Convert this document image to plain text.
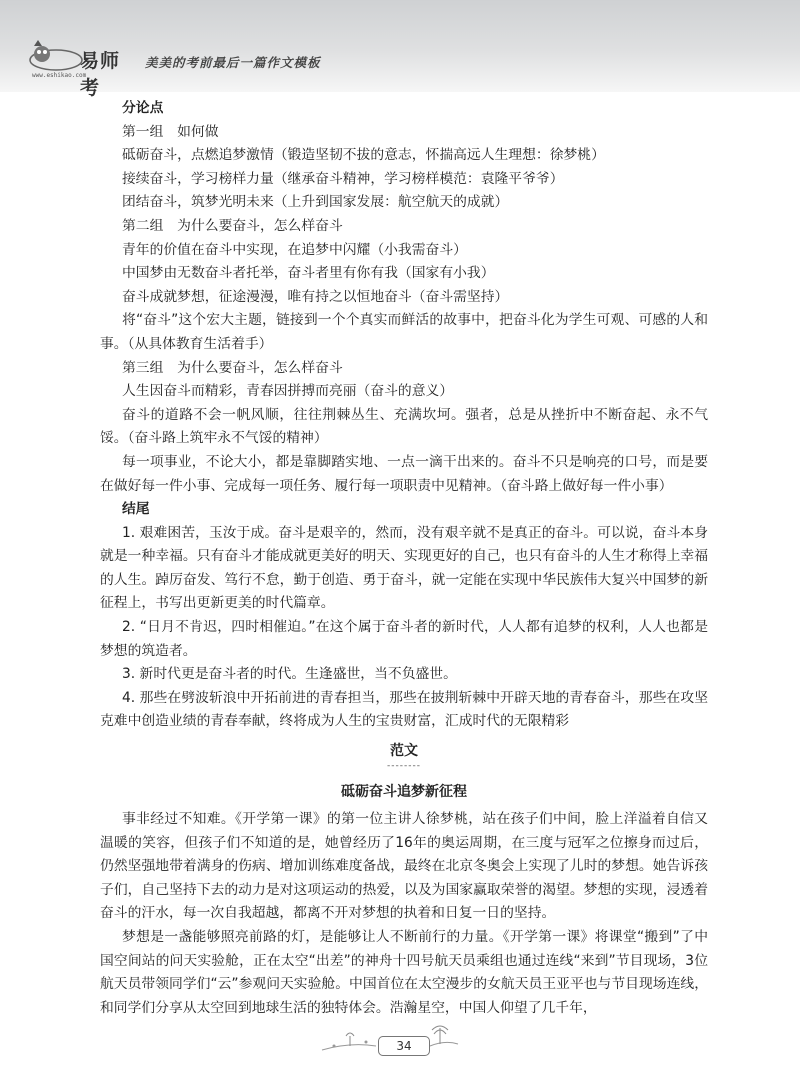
易师考
www.eshikao.com
美美的考前最后一篇作文模板
分论点
第一组　如何做
砥砺奋斗，点燃追梦激情（锻造坚韧不拔的意志，怀揣高远人生理想：徐梦桃）
接续奋斗，学习榜样力量（继承奋斗精神，学习榜样模范：袁隆平爷爷）
团结奋斗，筑梦光明未来（上升到国家发展：航空航天的成就）
第二组　为什么要奋斗，怎么样奋斗
青年的价值在奋斗中实现，在追梦中闪耀（小我需奋斗）
中国梦由无数奋斗者托举，奋斗者里有你有我（国家有小我）
奋斗成就梦想，征途漫漫，唯有持之以恒地奋斗（奋斗需坚持）
将“奋斗”这个宏大主题，链接到一个个真实而鲜活的故事中，把奋斗化为学生可观、可感的人和事。（从具体教育生活着手）
第三组　为什么要奋斗，怎么样奋斗
人生因奋斗而精彩，青春因拼搏而亮丽（奋斗的意义）
奋斗的道路不会一帆风顺，往往荆棘丛生、充满坎坷。强者，总是从挫折中不断奋起、永不气馁。（奋斗路上筑牢永不气馁的精神）
每一项事业，不论大小，都是靠脚踏实地、一点一滴干出来的。奋斗不只是响亮的口号，而是要在做好每一件小事、完成每一项任务、履行每一项职责中见精神。（奋斗路上做好每一件小事）
结尾
1. 艰难困苦，玉汝于成。奋斗是艰辛的，然而，没有艰辛就不是真正的奋斗。可以说，奋斗本身就是一种幸福。只有奋斗才能成就更美好的明天、实现更好的自己，也只有奋斗的人生才称得上幸福的人生。踔厉奋发、笃行不怠，勤于创造、勇于奋斗，就一定能在实现中华民族伟大复兴中国梦的新征程上，书写出更新更美的时代篇章。
2. “日月不肯迟，四时相催迫。”在这个属于奋斗者的新时代，人人都有追梦的权利，人人也都是梦想的筑造者。
3. 新时代更是奋斗者的时代。生逢盛世，当不负盛世。
4. 那些在劈波斩浪中开拓前进的青春担当，那些在披荆斩棘中开辟天地的青春奋斗，那些在攻坚克难中创造业绩的青春奉献，终将成为人生的宝贵财富，汇成时代的无限精彩
范文
--------
砥砺奋斗追梦新征程
事非经过不知难。《开学第一课》的第一位主讲人徐梦桃，站在孩子们中间，脸上洋溢着自信又温暖的笑容，但孩子们不知道的是，她曾经历了16年的奥运周期，在三度与冠军之位擦身而过后，仍然坚强地带着满身的伤病、增加训练难度备战，最终在北京冬奥会上实现了儿时的梦想。她告诉孩子们，自己坚持下去的动力是对这项运动的热爱，以及为国家赢取荣誉的渴望。梦想的实现，浸透着奋斗的汗水，每一次自我超越，都离不开对梦想的执着和日复一日的坚持。
梦想是一盏能够照亮前路的灯，是能够让人不断前行的力量。《开学第一课》将课堂“搬到”了中国空间站的问天实验舱，正在太空“出差”的神舟十四号航天员乘组也通过连线“来到”节目现场，3位航天员带领同学们“云”参观问天实验舱。中国首位在太空漫步的女航天员王亚平也与节目现场连线，和同学们分享从太空回到地球生活的独特体会。浩瀚星空，中国人仰望了几千年，
34
